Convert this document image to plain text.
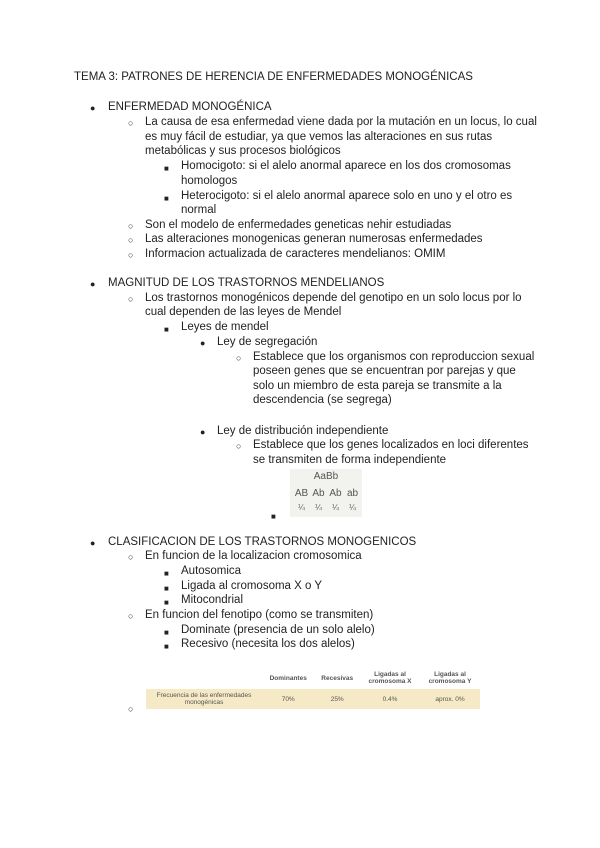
TEMA 3: PATRONES DE HERENCIA DE ENFERMEDADES MONOGÉNICAS
● ENFERMEDAD MONOGÉNICA
○ La causa de esa enfermedad viene dada por la mutación en un locus, lo cual
es muy fácil de estudiar, ya que vemos las alteraciones en sus rutas
metabólicas y sus procesos biológicos
■ Homocigoto: si el alelo anormal aparece en los dos cromosomas
homologos
■ Heterocigoto: si el alelo anormal aparece solo en uno y el otro es
normal
○ Son el modelo de enfermedades geneticas nehir estudiadas
○ Las alteraciones monogenicas generan numerosas enfermedades
○ Informacion actualizada de caracteres mendelianos: OMIM
● MAGNITUD DE LOS TRASTORNOS MENDELIANOS
○ Los trastornos monogénicos depende del genotipo en un solo locus por lo
cual dependen de las leyes de Mendel
■ Leyes de mendel
● Ley de segregación
○ Establece que los organismos con reproduccion sexual
poseen genes que se encuentran por parejas y que
solo un miembro de esta pareja se transmite a la
descendencia (se segrega)
● Ley de distribución independiente
○ Establece que los genes localizados en loci diferentes
se transmiten de forma independiente
AaBb
AB Ab Ab ab
¼ ¼ ¼ ¼
■
● CLASIFICACION DE LOS TRASTORNOS MONOGENICOS
○ En funcion de la localizacion cromosomica
■ Autosomica
■ Ligada al cromosoma X o Y
■ Mitocondrial
○ En funcion del fenotipo (como se transmiten)
■ Dominate (presencia de un solo alelo)
■ Recesivo (necesita los dos alelos)
	Dominantes	Recesivas	Ligadas al cromosoma X	Ligadas al cromosoma Y
Frecuencia de las enfermedades monogénicas	70%	25%	0.4%	aprox. 0%
○
